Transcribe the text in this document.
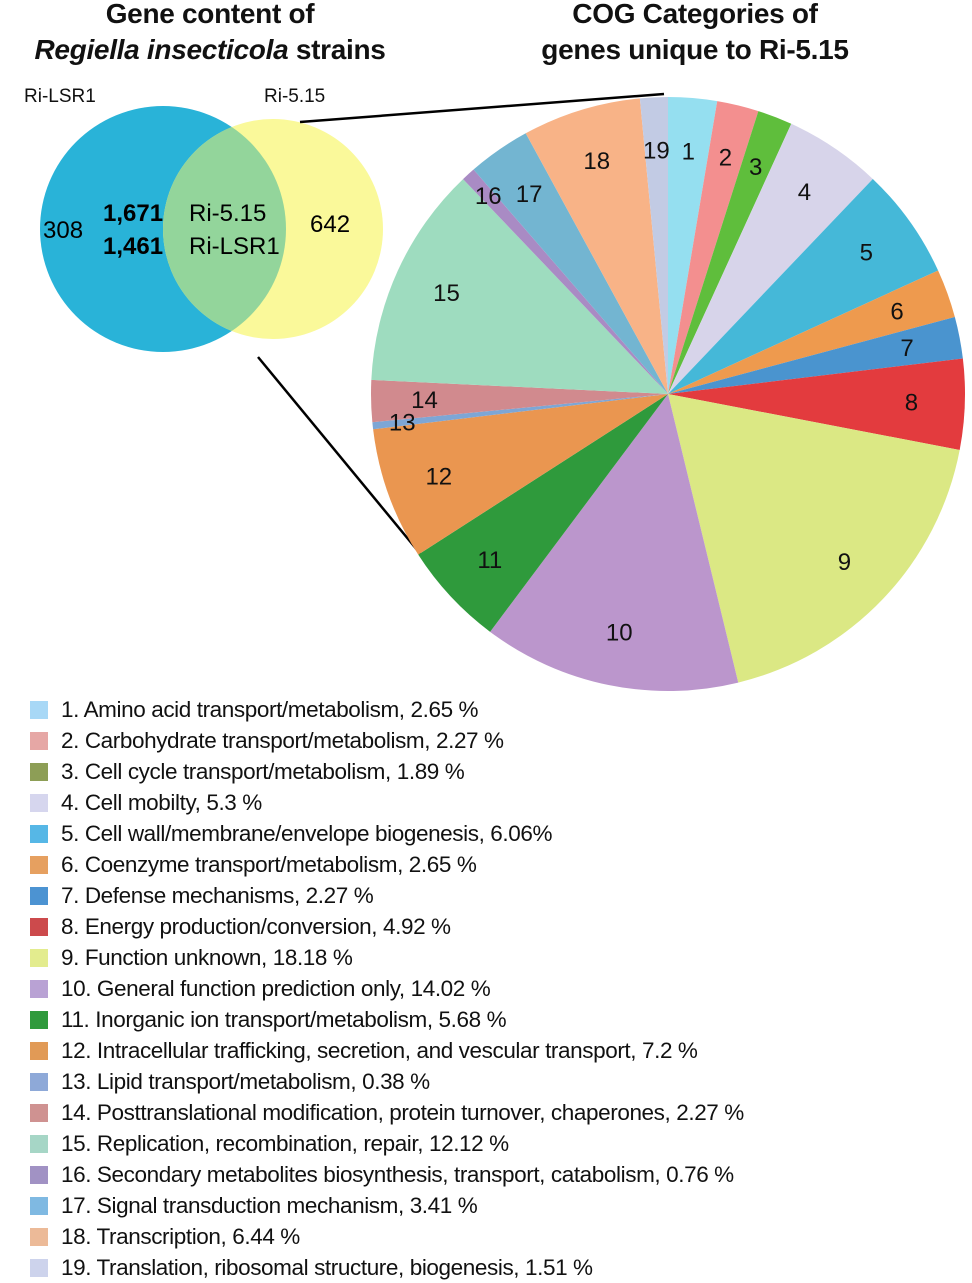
Gene content of
Regiella insecticola strains
COG Categories of
genes unique to Ri-5.15
Ri-LSR1	Ri-5.15
308	642
1,671 Ri-5.15
1,461 Ri-LSR1
1 2 3
4
5
6
7
8
9
10
11
12
13
14
15
16 17
18 19
1. Amino acid transport/metabolism, 2.65 %
2. Carbohydrate transport/metabolism, 2.27 %
3. Cell cycle transport/metabolism, 1.89 %
4. Cell mobilty, 5.3 %
5. Cell wall/membrane/envelope biogenesis, 6.06%
6. Coenzyme transport/metabolism, 2.65 %
7. Defense mechanisms, 2.27 %
8. Energy production/conversion, 4.92 %
9. Function unknown, 18.18 %
10. General function prediction only, 14.02 %
11. Inorganic ion transport/metabolism, 5.68 %
12. Intracellular trafficking, secretion, and vescular transport, 7.2 %
13. Lipid transport/metabolism, 0.38 %
14. Posttranslational modification, protein turnover, chaperones, 2.27 %
15. Replication, recombination, repair, 12.12 %
16. Secondary metabolites biosynthesis, transport, catabolism, 0.76 %
17. Signal transduction mechanism, 3.41 %
18. Transcription, 6.44 %
19. Translation, ribosomal structure, biogenesis, 1.51 %
